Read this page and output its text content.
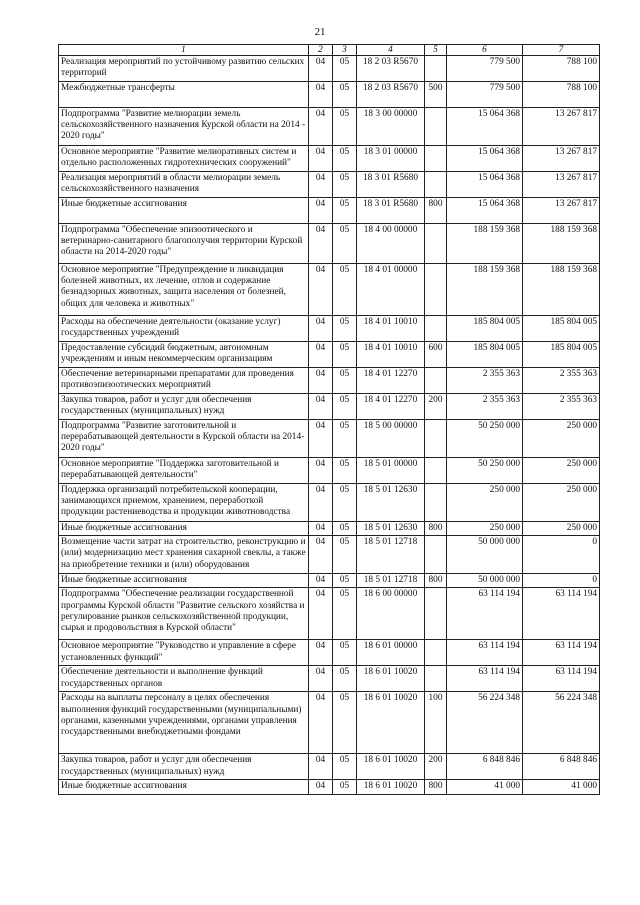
21
1	2	3	4	5	6	7
Реализация мероприятий по устойчивому развитию сельских территорий	04	05	18 2 03 R5670		779 500	788 100
Межбюджетные трансферты	04	05	18 2 03 R5670	500	779 500	788 100
Подпрограмма "Развитие мелиорации земель сельскохозяйственного назначения Курской области на 2014 - 2020 годы"	04	05	18 3 00 00000		15 064 368	13 267 817
Основное мероприятие "Развитие мелиоративных систем и отдельно расположенных гидротехнических сооружений"	04	05	18 3 01 00000		15 064 368	13 267 817
Реализация мероприятий в области мелиорации земель сельскохозяйственного назначения	04	05	18 3 01 R5680		15 064 368	13 267 817
Иные бюджетные ассигнования	04	05	18 3 01 R5680	800	15 064 368	13 267 817
Подпрограмма "Обеспечение эпизоотического и ветеринарно-санитарного благополучия территории Курской области на 2014-2020 годы"	04	05	18 4 00 00000		188 159 368	188 159 368
Основное мероприятие "Предупреждение и ликвидация болезней животных, их лечение, отлов и содержание безнадзорных животных, защита населения от болезней, общих для человека и животных"	04	05	18 4 01 00000		188 159 368	188 159 368
Расходы на обеспечение деятельности (оказание услуг) государственных учреждений	04	05	18 4 01 10010		185 804 005	185 804 005
Предоставление субсидий бюджетным, автономным учреждениям и иным некоммерческим организациям	04	05	18 4 01 10010	600	185 804 005	185 804 005
Обеспечение ветеринарными препаратами для проведения противоэпизоотических мероприятий	04	05	18 4 01 12270		2 355 363	2 355 363
Закупка товаров, работ и услуг для обеспечения государственных (муниципальных) нужд	04	05	18 4 01 12270	200	2 355 363	2 355 363
Подпрограмма "Развитие заготовительной и перерабатывающей деятельности в Курской области на 2014-2020 годы"	04	05	18 5 00 00000		50 250 000	250 000
Основное мероприятие "Поддержка заготовительной и перерабатывающей деятельности"	04	05	18 5 01 00000		50 250 000	250 000
Поддержка организаций потребительской кооперации, занимающихся приемом, хранением, переработкой продукции растениеводства и продукции животноводства	04	05	18 5 01 12630		250 000	250 000
Иные бюджетные ассигнования	04	05	18 5 01 12630	800	250 000	250 000
Возмещение части затрат на строительство, реконструкцию и (или) модернизацию мест хранения сахарной свеклы, а также на приобретение техники и (или) оборудования	04	05	18 5 01 12718		50 000 000	0
Иные бюджетные ассигнования	04	05	18 5 01 12718	800	50 000 000	0
Подпрограмма "Обеспечение реализации государственной программы Курской области "Развитие сельского хозяйства и регулирование рынков сельскохозяйственной продукции, сырья и продовольствия в Курской области"	04	05	18 6 00 00000		63 114 194	63 114 194
Основное мероприятие "Руководство и управление в сфере установленных функций"	04	05	18 6 01 00000		63 114 194	63 114 194
Обеспечение деятельности и выполнение функций государственных органов	04	05	18 6 01 10020		63 114 194	63 114 194
Расходы на выплаты персоналу в целях обеспечения выполнения функций государственными (муниципальными) органами, казенными учреждениями, органами управления государственными внебюджетными фондами	04	05	18 6 01 10020	100	56 224 348	56 224 348
Закупка товаров, работ и услуг для обеспечения государственных (муниципальных) нужд	04	05	18 6 01 10020	200	6 848 846	6 848 846
Иные бюджетные ассигнования	04	05	18 6 01 10020	800	41 000	41 000
